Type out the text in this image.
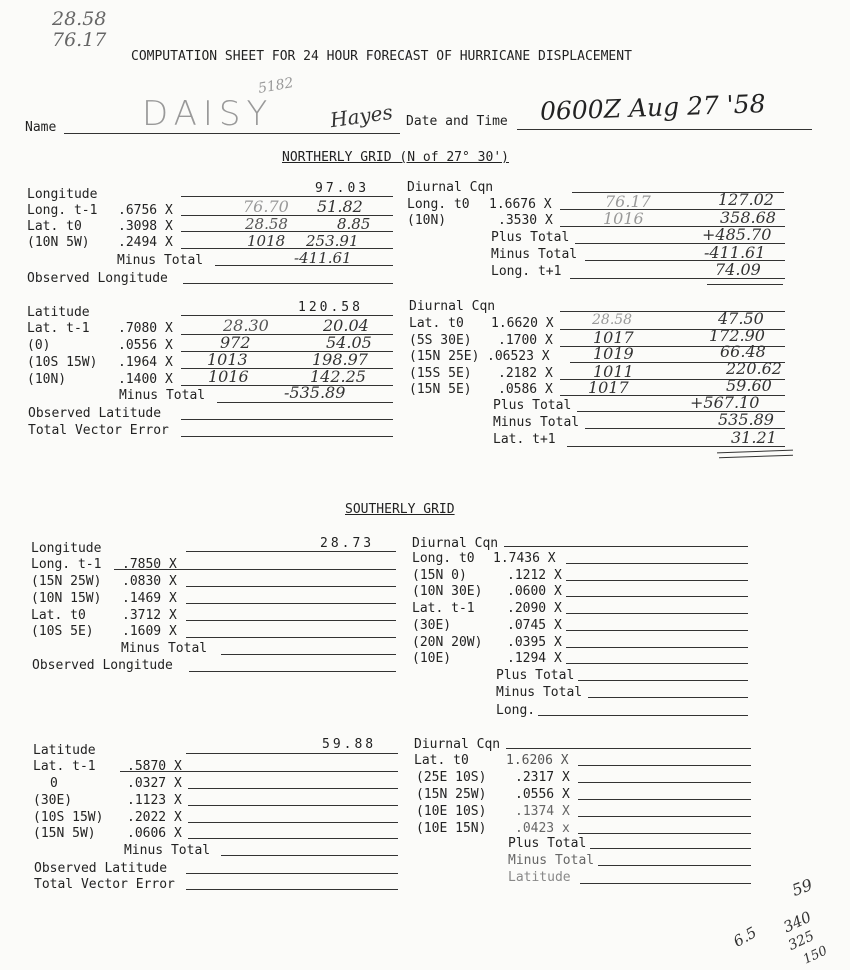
28.58
76.17
59
6.5
340
325
150
COMPUTATION SHEET FOR 24 HOUR FORECAST OF HURRICANE DISPLACEMENT
Name	DAISY
5182
Hayes Date and Time 0600Z Aug 27 '58
NORTHERLY GRID (N of 27° 30')
Longitude	97.03
Long. t-1 .6756 X	76.70 51.82
Lat. t0	.3098 X	28.58	8.85
(10N 5W) .2494 X	1018 253.91
Minus Total	-411.61
Observed Longitude
Diurnal Cqn
Long. t0 1.6676 X	76.17	127.02
(10N)	.3530 X	1016	358.68
Plus Total	+485.70
Minus Total	-411.61
Long. t+1	74.09
Latitude	120.58
Lat. t-1 .7080 X	28.30	20.04
(0)	.0556 X	972	54.05
(10S 15W) .1964 X 1013	198.97
(10N)	.1400 X 1016	142.25
Minus Total	-535.89
Observed Latitude
Total Vector Error
Diurnal Cqn
Lat. t0 1.6620 X	28.58	47.50
(5S 30E) .1700 X	1017	172.90
(15N 25E) .06523 X	1019	66.48
(15S 5E) .2182 X	1011	220.62
(15N 5E) .0586 X 1017	59.60
Plus Total	+567.10
Minus Total	535.89
Lat. t+1	31.21
SOUTHERLY GRID
Longitude	28.73
Long. t-1 .7850 X
(15N 25W) .0830 X
(10N 15W) .1469 X
Lat. t0	.3712 X
(10S 5E) .1609 X
Minus Total
Observed Longitude
Diurnal Cqn
Long. t0 1.7436 X
(15N 0)	.1212 X
(10N 30E) .0600 X
Lat. t-1 .2090 X
(30E)	.0745 X
(20N 20W) .0395 X
(10E)	.1294 X
Plus Total
Minus Total
Long.
Latitude	59.88
Lat. t-1 .5870 X
0	.0327 X
(30E)	.1123 X
(10S 15W) .2022 X
(15N 5W) .0606 X
Minus Total
Observed Latitude
Total Vector Error
Diurnal Cqn
Lat. t0	1.6206 X
(25E 10S) .2317 X
(15N 25W) .0556 X
(10E 10S) .1374 X
(10E 15N) .0423 x
Plus Total
Minus Total
Latitude
